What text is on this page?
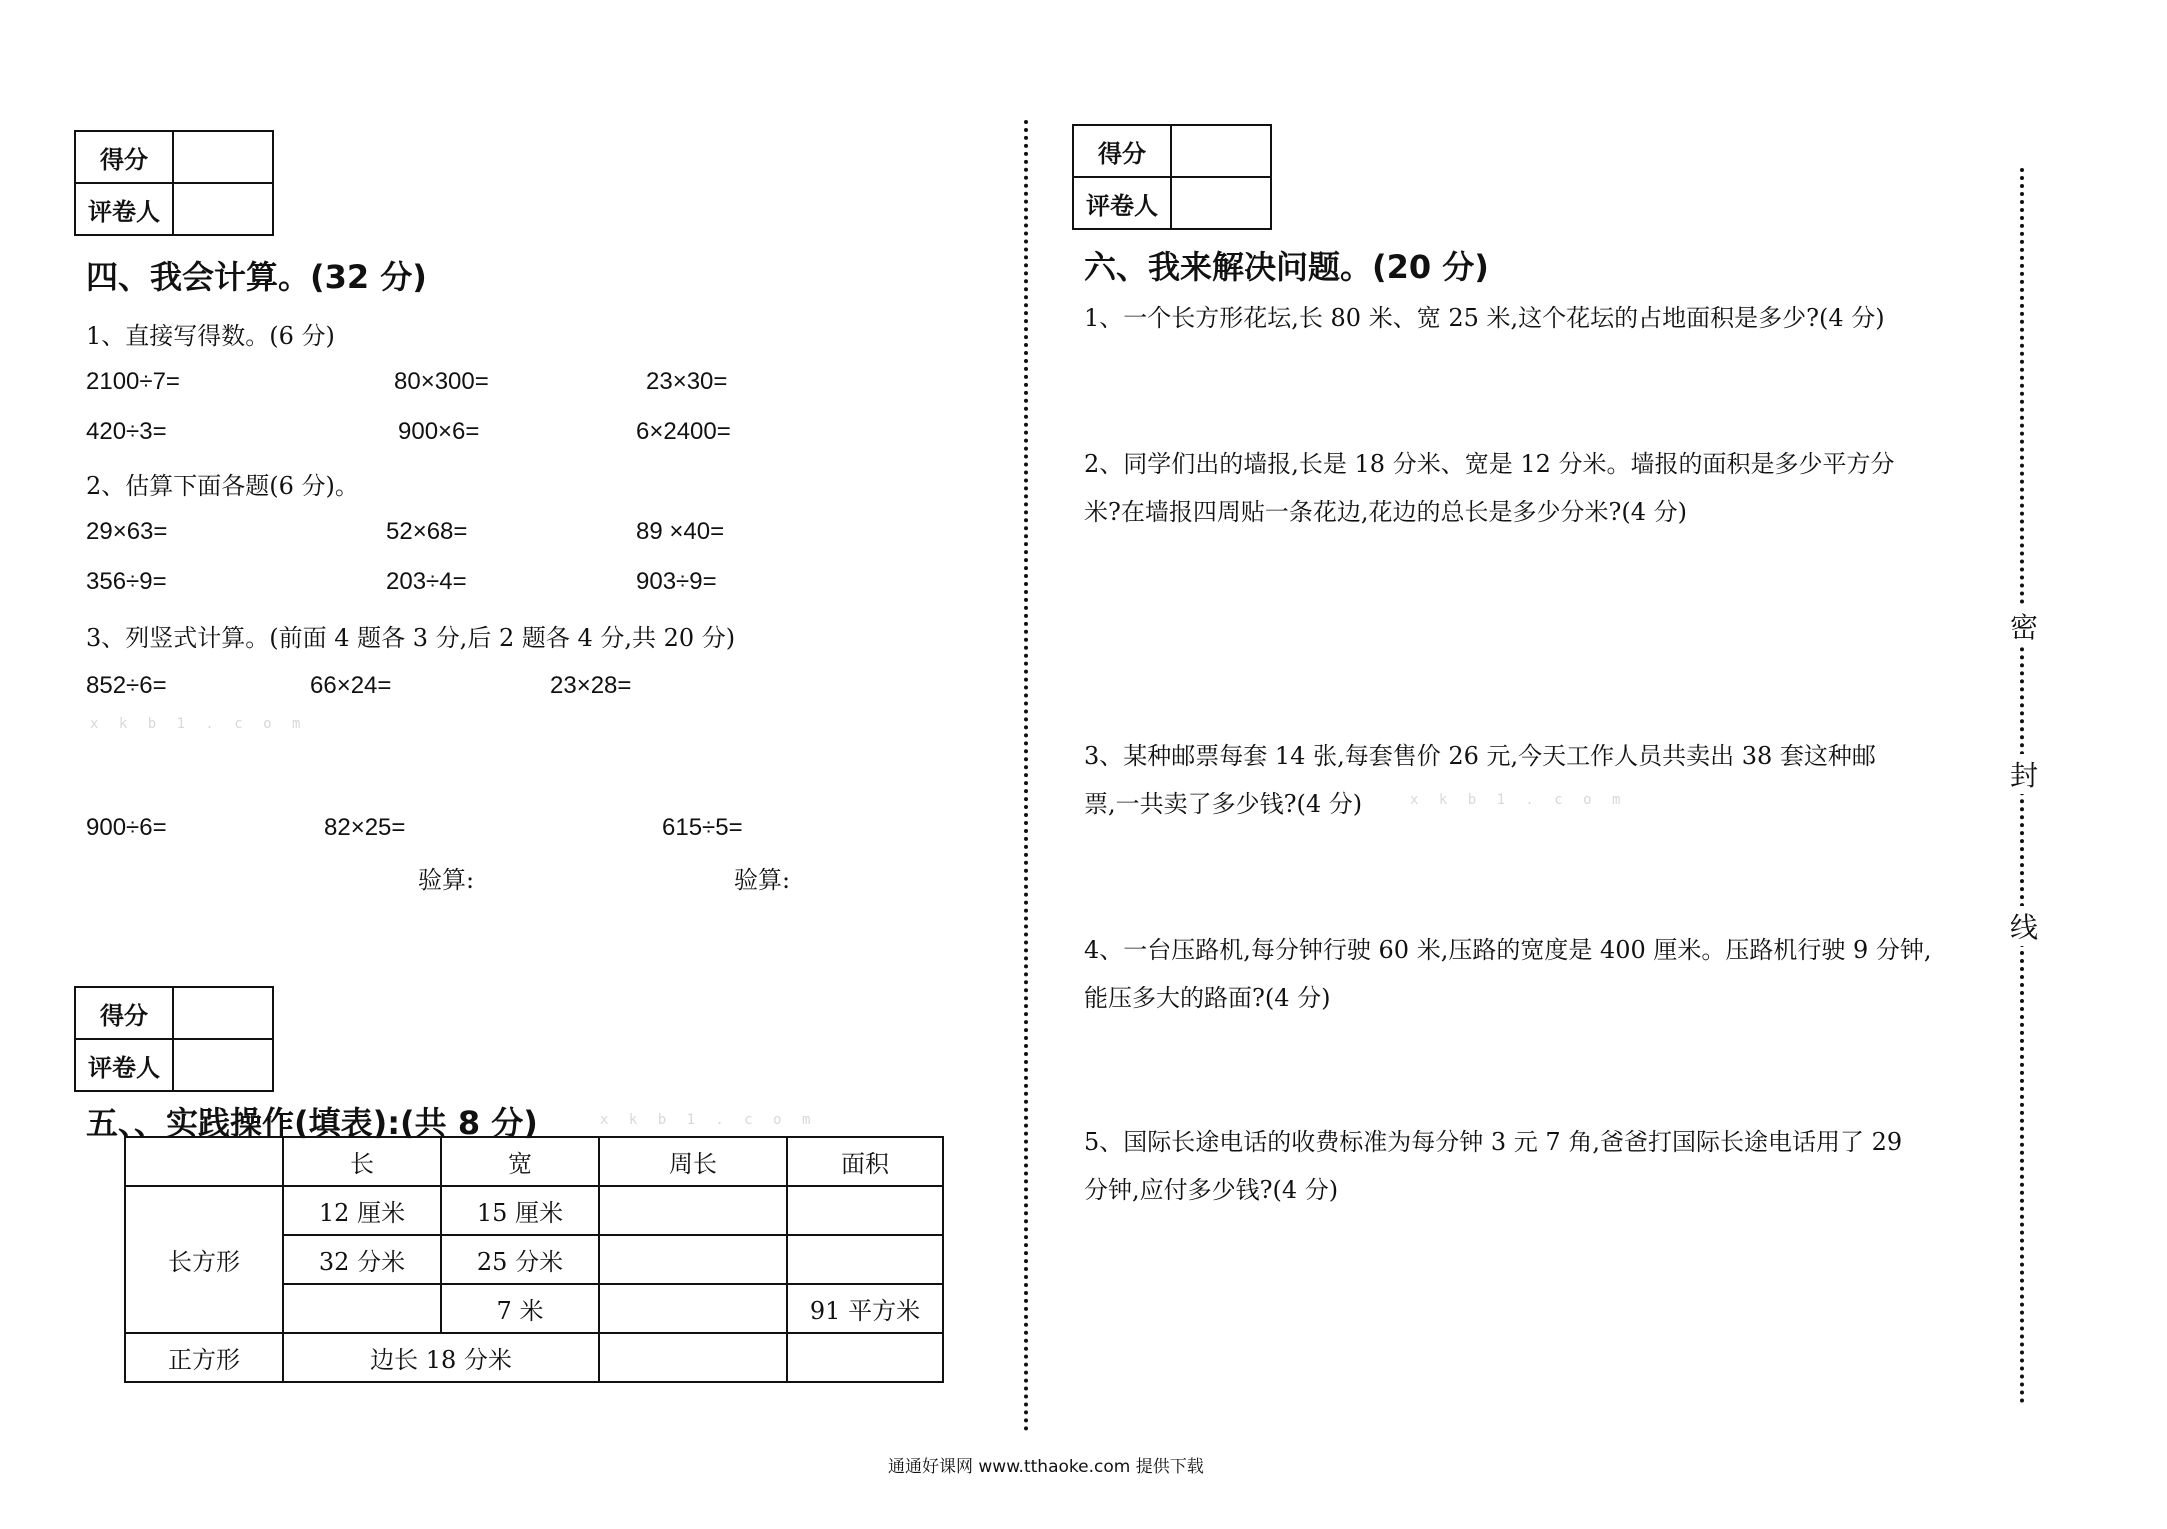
得分	
评卷人	
四、我会计算。(32 分)
1、直接写得数。(6 分)
2100÷7=	80×300=	23×30=
420÷3=	900×6=	6×2400=
2、估算下面各题(6 分)。
29×63=	52×68=	89 ×40=
356÷9=	203÷4=	903÷9=
3、列竖式计算。(前面 4 题各 3 分,后 2 题各 4 分,共 20 分)
852÷6=	66×24=	23×28=
x k b 1 . c o m
900÷6=	82×25=	615÷5=
验算:	验算:
得分	
评卷人	
五、、实践操作(填表):(共 8 分)	x k b 1 . c o m
	长	宽	周长	面积
长方形	12 厘米	15 厘米		
	32 分米	25 分米		
		7 米		91 平方米
正方形	边长 18 分米			
得分	
评卷人	
六、我来解决问题。(20 分)
1、一个长方形花坛,长 80 米、宽 25 米,这个花坛的占地面积是多少?(4 分)
2、同学们出的墙报,长是 18 分米、宽是 12 分米。墙报的面积是多少平方分
米?在墙报四周贴一条花边,花边的总长是多少分米?(4 分)
3、某种邮票每套 14 张,每套售价 26 元,今天工作人员共卖出 38 套这种邮
票,一共卖了多少钱?(4 分)	x k b 1 . c o m
4、一台压路机,每分钟行驶 60 米,压路的宽度是 400 厘米。压路机行驶 9 分钟,
能压多大的路面?(4 分)
5、国际长途电话的收费标准为每分钟 3 元 7 角,爸爸打国际长途电话用了 29
分钟,应付多少钱?(4 分)
密
封
线
通通好课网 www.tthaoke.com 提供下载
